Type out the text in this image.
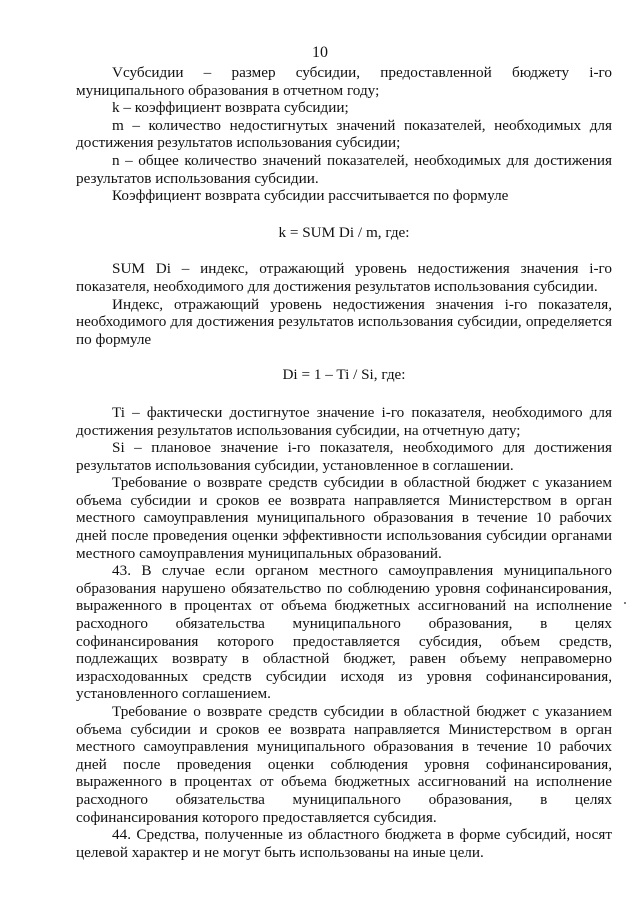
10

Vсубсидии – размер субсидии, предоставленной бюджету i-го муниципального образования в отчетном году;

k – коэффициент возврата субсидии;

m – количество недостигнутых значений показателей, необходимых для достижения результатов использования субсидии;

n – общее количество значений показателей, необходимых для достижения результатов использования субсидии.

Коэффициент возврата субсидии рассчитывается по формуле

k = SUM Di / m, где:

SUM Di – индекс, отражающий уровень недостижения значения i-го показателя, необходимого для достижения результатов использования субсидии.

Индекс, отражающий уровень недостижения значения i-го показателя, необходимого для достижения результатов использования субсидии, определяется по формуле

Di = 1 – Ti / Si, где:

Ti – фактически достигнутое значение i-го показателя, необходимого для достижения результатов использования субсидии, на отчетную дату;

Si – плановое значение i-го показателя, необходимого для достижения результатов использования субсидии, установленное в соглашении.

Требование о возврате средств субсидии в областной бюджет с указанием объема субсидии и сроков ее возврата направляется Министерством в орган местного самоуправления муниципального образования в течение 10 рабочих дней после проведения оценки эффективности использования субсидии органами местного самоуправления муниципальных образований.

43. В случае если органом местного самоуправления муниципального образования нарушено обязательство по соблюдению уровня софинансирования, выраженного в процентах от объема бюджетных ассигнований на исполнение расходного обязательства муниципального образования, в целях софинансирования которого предоставляется субсидия, объем средств, подлежащих возврату в областной бюджет, равен объему неправомерно израсходованных средств субсидии исходя из уровня софинансирования, установленного соглашением.

Требование о возврате средств субсидии в областной бюджет с указанием объема субсидии и сроков ее возврата направляется Министерством в орган местного самоуправления муниципального образования в течение 10 рабочих дней после проведения оценки соблюдения уровня софинансирования, выраженного в процентах от объема бюджетных ассигнований на исполнение расходного обязательства муниципального образования, в целях софинансирования которого предоставляется субсидия.

44. Средства, полученные из областного бюджета в форме субсидий, носят целевой характер и не могут быть использованы на иные цели.
